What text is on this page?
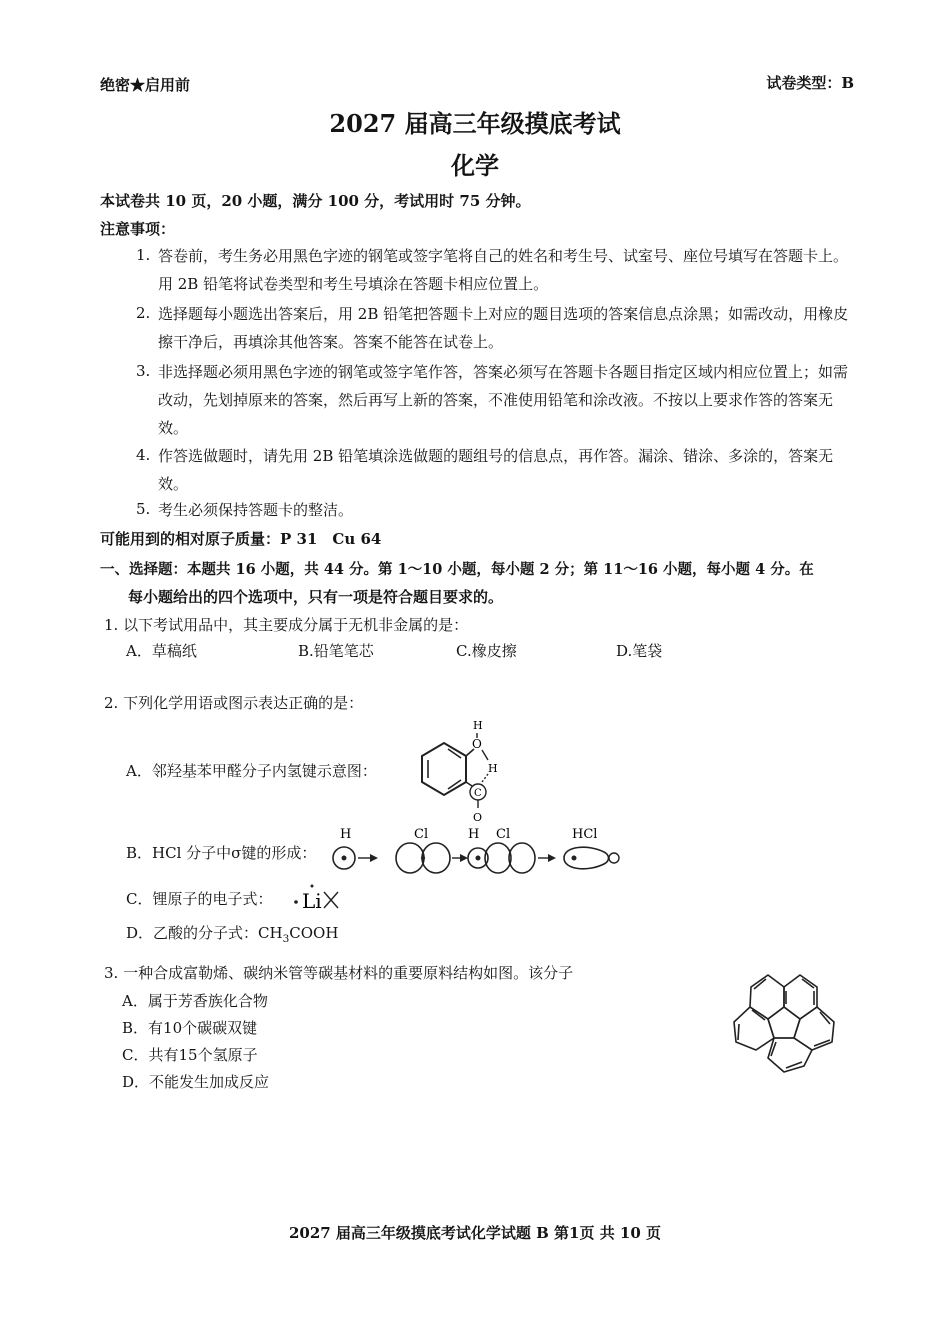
绝密★启用前	试卷类型：B
2027 届高三年级摸底考试
化学
本试卷共 10 页，20 小题，满分 100 分，考试用时 75 分钟。
注意事项：
1. 答卷前，考生务必用黑色字迹的钢笔或签字笔将自己的姓名和考生号、试室号、座位号填写在答题卡上。用 2B 铅笔将试卷类型和考生号填涂在答题卡相应位置上。
2. 选择题每小题选出答案后，用 2B 铅笔把答题卡上对应的题目选项的答案信息点涂黑；如需改动，用橡皮擦干净后，再填涂其他答案。答案不能答在试卷上。
3. 非选择题必须用黑色字迹的钢笔或签字笔作答，答案必须写在答题卡各题目指定区域内相应位置上；如需改动，先划掉原来的答案，然后再写上新的答案，不准使用铅笔和涂改液。不按以上要求作答的答案无效。
4. 作答选做题时，请先用 2B 铅笔填涂选做题的题组号的信息点，再作答。漏涂、错涂、多涂的，答案无效。
5. 考生必须保持答题卡的整洁。
可能用到的相对原子质量：P 31　Cu 64
一、选择题：本题共 16 小题，共 44 分。第 1～10 小题，每小题 2 分；第 11～16 小题，每小题 4 分。在
每小题给出的四个选项中，只有一项是符合题目要求的。
1. 以下考试用品中，其主要成分属于无机非金属的是：
A．草稿纸	B.铅笔笔芯	C.橡皮擦	D.笔袋
2. 下列化学用语或图示表达正确的是：
A．邻羟基苯甲醛分子内氢键示意图：
H
O
H
C
O
B．HCl 分子中σ键的形成：
H	Cl	H Cl	HCl
C．锂原子的电子式： Li
D．乙酸的分子式：$CH_3COOH$
3. 一种合成富勒烯、碳纳米管等碳基材料的重要原料结构如图。该分子
A．属于芳香族化合物
B．有10个碳碳双键
C．共有15个氢原子
D．不能发生加成反应
2027 届高三年级摸底考试化学试题 B 第1页 共 10 页
